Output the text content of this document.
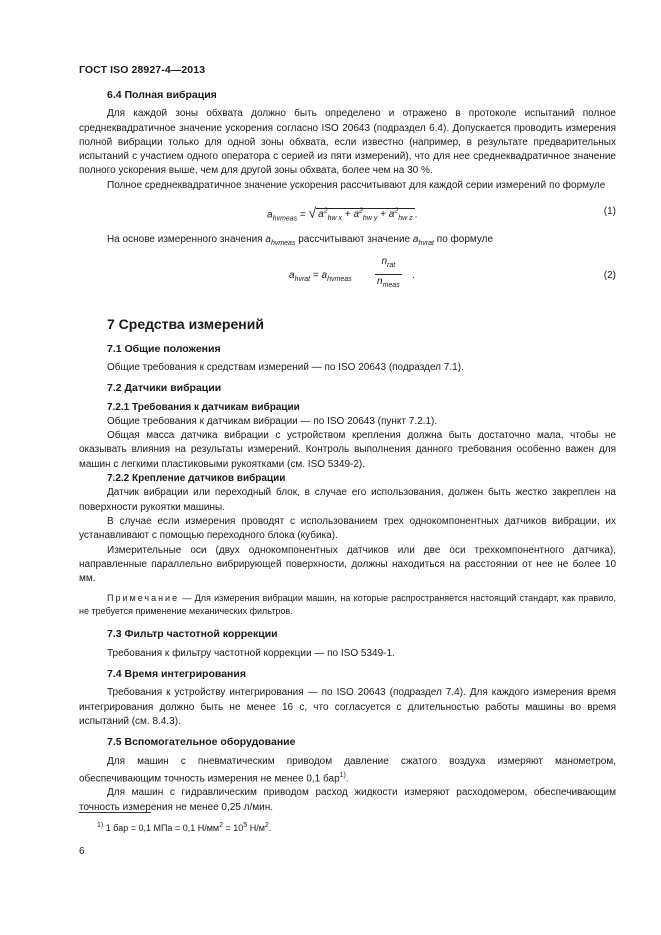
ГОСТ ISO 28927-4—2013
6.4 Полная вибрация

Для каждой зоны обхвата должно быть определено и отражено в протоколе испытаний полное среднеквадратичное значение ускорения согласно ISO 20643 (подраздел 6.4). Допускается проводить измерения полной вибрации только для одной зоны обхвата, если известно (например, в результате предварительных испытаний с участием одного оператора с серией из пяти измерений), что для нее среднеквадратичное значение полного ускорения выше, чем для другой зоны обхвата, более чем на 30 %.

Полное среднеквадратичное значение ускорения рассчитывают для каждой серии измерений по формуле

$a_{hvmeas}$ = √ $a^2_{hw x} + a^2_{hw y} + a^2_{hw z}$ .	(1)

На основе измеренного значения $a_{hvmeas}$ рассчитывают значение $a_{hvrat}$ по формуле

$a_{hvrat} = a_{hvmeas}$
$n_{rat}$
$n_{meas}$
.	(2)
7 Средства измерений
7.1 Общие положения

Общие требования к средствам измерений — по ISO 20643 (подраздел 7.1).

7.2 Датчики вибрации
7.2.1 Требования к датчикам вибрации

Общие требования к датчикам вибрации — по ISO 20643 (пункт 7.2.1).

Общая масса датчика вибрации с устройством крепления должна быть достаточно мала, чтобы не оказывать влияния на результаты измерений. Контроль выполнения данного требования особенно важен для машин с легкими пластиковыми рукоятками (см. ISO 5349-2).

7.2.2 Крепление датчиков вибрации

Датчик вибрации или переходный блок, в случае его использования, должен быть жестко закреплен на поверхности рукоятки машины.

В случае если измерения проводят с использованием трех однокомпонентных датчиков вибрации, их устанавливают с помощью переходного блока (кубика).

Измерительные оси (двух однокомпонентных датчиков или две оси трехкомпонентного датчика), направленные параллельно вибрирующей поверхности, должны находиться на расстоянии от нее не более 10 мм.

Примечание — Для измерения вибрации машин, на которые распространяется настоящий стандарт, как правило, не требуется применение механических фильтров.
7.3 Фильтр частотной коррекции

Требования к фильтру частотной коррекции — по ISO 5349-1.

7.4 Время интегрирования

Требования к устройству интегрирования — по ISO 20643 (подраздел 7.4). Для каждого измерения время интегрирования должно быть не менее 16 с, что согласуется с длительностью работы машины во время испытаний (см. 8.4.3).

7.5 Вспомогательное оборудование

Для машин с пневматическим приводом давление сжатого воздуха измеряют манометром, обеспечивающим точность измерения не менее 0,1 бар$^{1)}$.

Для машин с гидравлическим приводом расход жидкости измеряют расходомером, обеспечивающим точность измерения не менее 0,25 л/мин.

$^{1)}$ 1 бар = 0,1 МПа = 0,1 $Н/мм^2 = 10^5$ $Н/м^2$.
6
